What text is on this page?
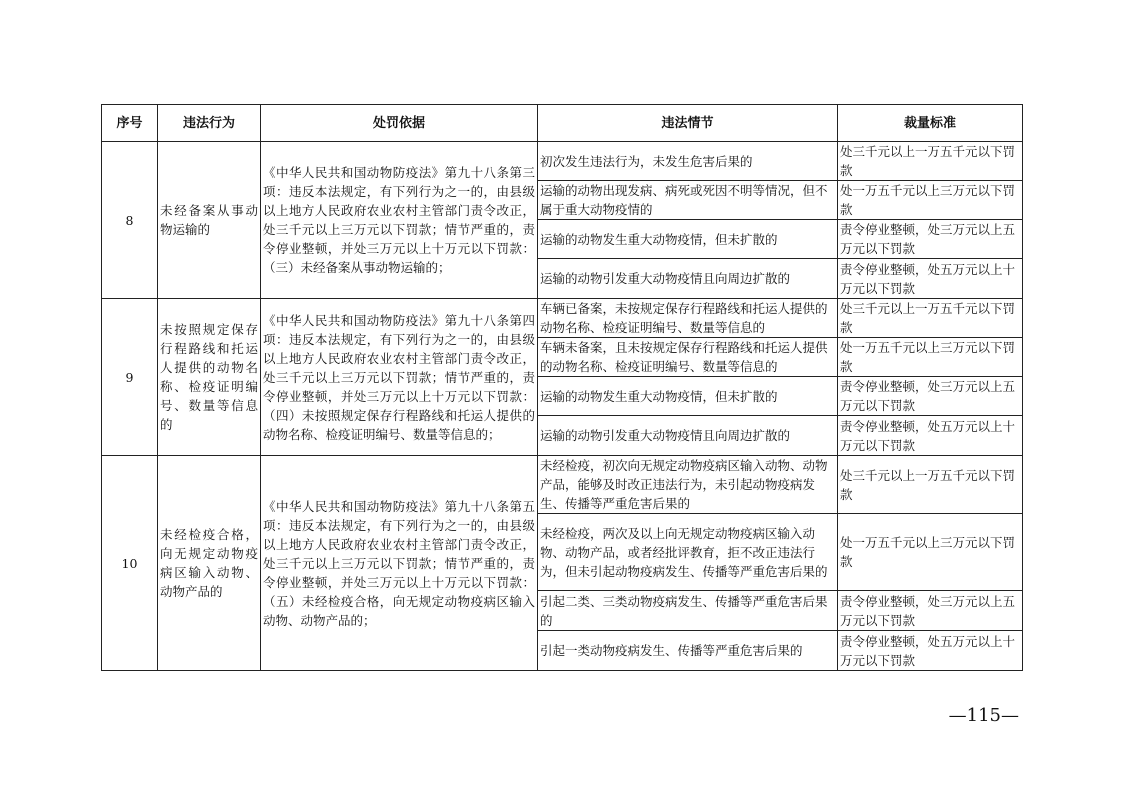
序号	违法行为	处罚依据	违法情节	裁量标准
8	未经备案从事动物运输的	《中华人民共和国动物防疫法》第九十八条第三项：违反本法规定，有下列行为之一的，由县级以上地方人民政府农业农村主管部门责令改正，处三千元以上三万元以下罚款；情节严重的，责令停业整顿，并处三万元以上十万元以下罚款：（三）未经备案从事动物运输的；	初次发生违法行为，未发生危害后果的	处三千元以上一万五千元以下罚款
			运输的动物出现发病、病死或死因不明等情况，但不属于重大动物疫情的	处一万五千元以上三万元以下罚款
			运输的动物发生重大动物疫情，但未扩散的	责令停业整顿，处三万元以上五万元以下罚款
			运输的动物引发重大动物疫情且向周边扩散的	责令停业整顿，处五万元以上十万元以下罚款
9	未按照规定保存行程路线和托运人提供的动物名称、检疫证明编号、数量等信息的	《中华人民共和国动物防疫法》第九十八条第四项：违反本法规定，有下列行为之一的，由县级以上地方人民政府农业农村主管部门责令改正，处三千元以上三万元以下罚款；情节严重的，责令停业整顿，并处三万元以上十万元以下罚款：（四）未按照规定保存行程路线和托运人提供的动物名称、检疫证明编号、数量等信息的；	车辆已备案，未按规定保存行程路线和托运人提供的动物名称、检疫证明编号、数量等信息的	处三千元以上一万五千元以下罚款
			车辆未备案，且未按规定保存行程路线和托运人提供的动物名称、检疫证明编号、数量等信息的	处一万五千元以上三万元以下罚款
			运输的动物发生重大动物疫情，但未扩散的	责令停业整顿，处三万元以上五万元以下罚款
			运输的动物引发重大动物疫情且向周边扩散的	责令停业整顿，处五万元以上十万元以下罚款
10	未经检疫合格，向无规定动物疫病区输入动物、动物产品的	《中华人民共和国动物防疫法》第九十八条第五项：违反本法规定，有下列行为之一的，由县级以上地方人民政府农业农村主管部门责令改正，处三千元以上三万元以下罚款；情节严重的，责令停业整顿，并处三万元以上十万元以下罚款：（五）未经检疫合格，向无规定动物疫病区输入动物、动物产品的；	未经检疫，初次向无规定动物疫病区输入动物、动物产品，能够及时改正违法行为，未引起动物疫病发生、传播等严重危害后果的	处三千元以上一万五千元以下罚款
			未经检疫，两次及以上向无规定动物疫病区输入动物、动物产品，或者经批评教育，拒不改正违法行为，但未引起动物疫病发生、传播等严重危害后果的	处一万五千元以上三万元以下罚款
			引起二类、三类动物疫病发生、传播等严重危害后果的	责令停业整顿，处三万元以上五万元以下罚款
			引起一类动物疫病发生、传播等严重危害后果的	责令停业整顿，处五万元以上十万元以下罚款
—115—
